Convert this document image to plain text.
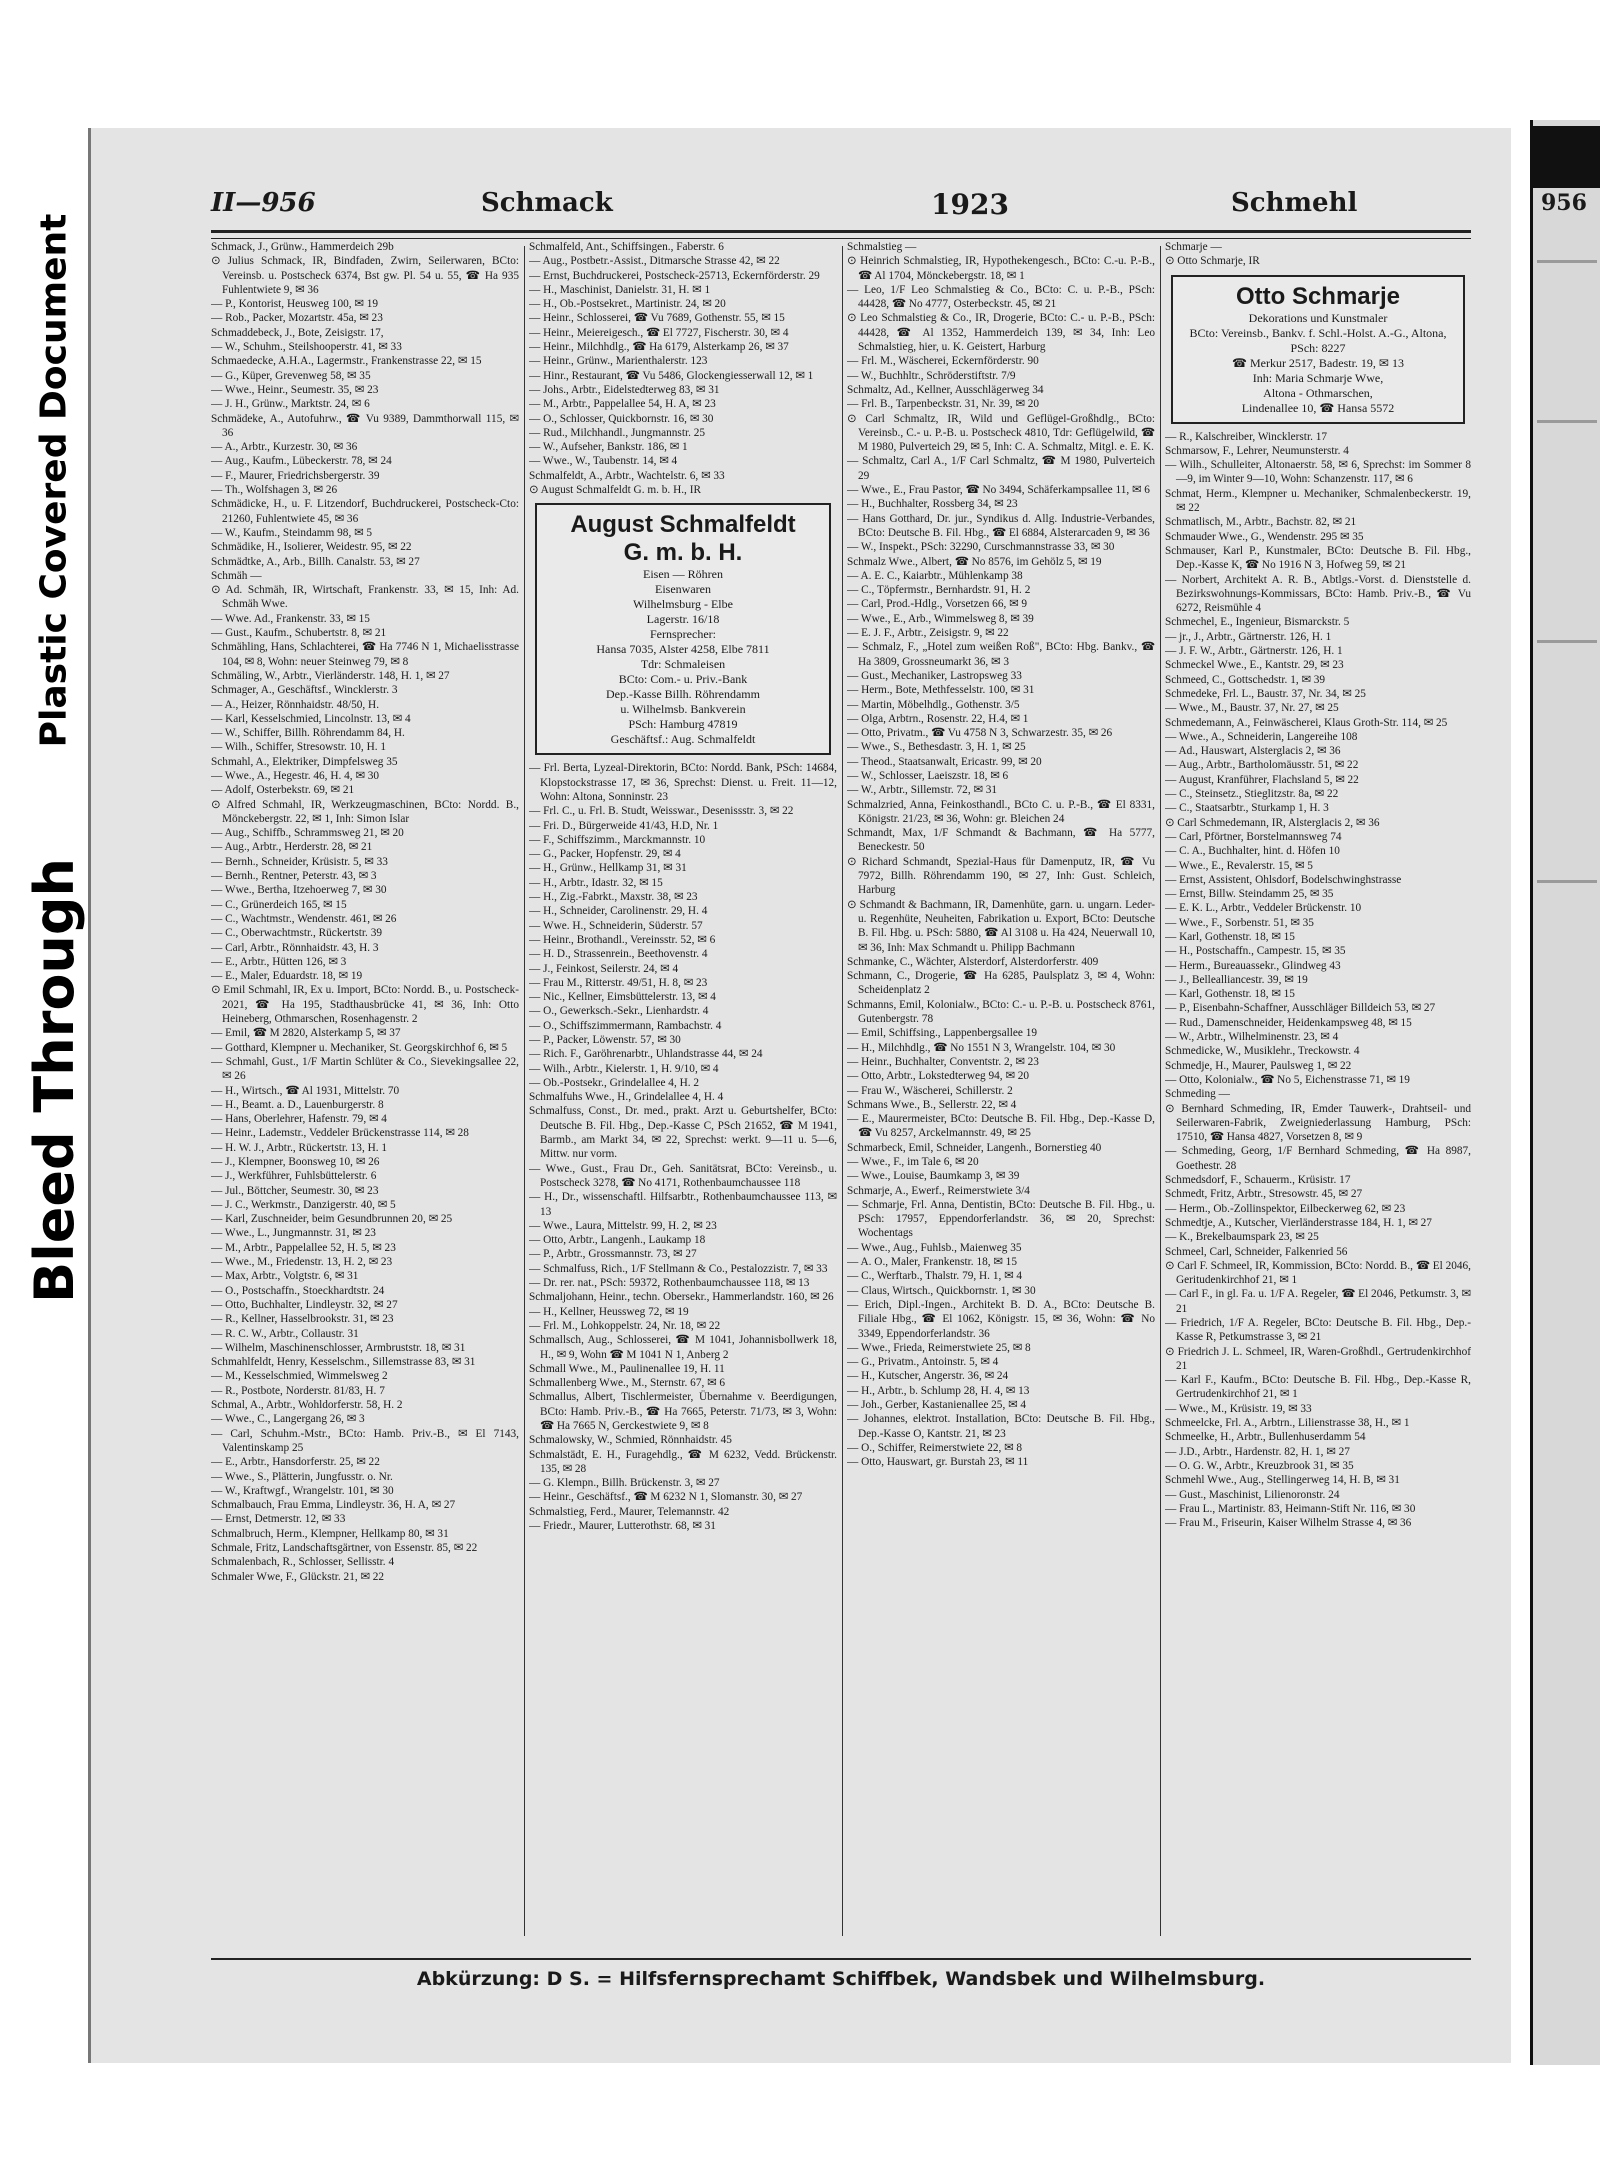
Plastic Covered Document
Bleed Through
956
II—956	Schmack	1923	Schmehl
Schmack, J., Grünw., Hammerdeich 29b
⊙ Julius Schmack, IR, Bindfaden, Zwirn, Seilerwaren, BCto: Vereinsb. u. Postscheck 6374, Bst gw. Pl. 54 u. 55, ☎ Ha 935 Fuhlentwiete 9, ✉ 36
— P., Kontorist, Heusweg 100, ✉ 19
— Rob., Packer, Mozartstr. 45a, ✉ 23
Schmaddebeck, J., Bote, Zeisigstr. 17,
— W., Schuhm., Steilshooperstr. 41, ✉ 33
Schmaedecke, A.H.A., Lagermstr., Frankenstrasse 22, ✉ 15
— G., Küper, Grevenweg 58, ✉ 35
— Wwe., Heinr., Seumestr. 35, ✉ 23
— J. H., Grünw., Marktstr. 24, ✉ 6
Schmädeke, A., Autofuhrw., ☎ Vu 9389, Dammthorwall 115, ✉ 36
— A., Arbtr., Kurzestr. 30, ✉ 36
— Aug., Kaufm., Lübeckerstr. 78, ✉ 24
— F., Maurer, Friedrichsbergerstr. 39
— Th., Wolfshagen 3, ✉ 26
Schmädicke, H., u. F. Litzendorf, Buchdruckerei, Postscheck-Cto: 21260, Fuhlentwiete 45, ✉ 36
— W., Kaufm., Steindamm 98, ✉ 5
Schmädike, H., Isolierer, Weidestr. 95, ✉ 22
Schmädtke, A., Arb., Billh. Canalstr. 53, ✉ 27
Schmäh —
⊙ Ad. Schmäh, IR, Wirtschaft, Frankenstr. 33, ✉ 15, Inh: Ad. Schmäh Wwe.
— Wwe. Ad., Frankenstr. 33, ✉ 15
— Gust., Kaufm., Schubertstr. 8, ✉ 21
Schmähling, Hans, Schlachterei, ☎ Ha 7746 N 1, Michaelisstrasse 104, ✉ 8, Wohn: neuer Steinweg 79, ✉ 8
Schmäling, W., Arbtr., Vierländerstr. 148, H. 1, ✉ 27
Schmager, A., Geschäftsf., Wincklerstr. 3
— A., Heizer, Rönnhaidstr. 48/50, H.
— Karl, Kesselschmied, Lincolnstr. 13, ✉ 4
— W., Schiffer, Billh. Röhrendamm 84, H.
— Wilh., Schiffer, Stresowstr. 10, H. 1
Schmahl, A., Elektriker, Dimpfelsweg 35
— Wwe., A., Hegestr. 46, H. 4, ✉ 30
— Adolf, Osterbekstr. 69, ✉ 21
⊙ Alfred Schmahl, IR, Werkzeugmaschinen, BCto: Nordd. B., Mönckebergstr. 22, ✉ 1, Inh: Simon Islar
— Aug., Schiffb., Schrammsweg 21, ✉ 20
— Aug., Arbtr., Herderstr. 28, ✉ 21
— Bernh., Schneider, Krüsistr. 5, ✉ 33
— Bernh., Rentner, Peterstr. 43, ✉ 3
— Wwe., Bertha, Itzehoerweg 7, ✉ 30
— C., Grünerdeich 165, ✉ 15
— C., Wachtmstr., Wendenstr. 461, ✉ 26
— C., Oberwachtmstr., Rückertstr. 39
— Carl, Arbtr., Rönnhaidstr. 43, H. 3
— E., Arbtr., Hütten 126, ✉ 3
— E., Maler, Eduardstr. 18, ✉ 19
⊙ Emil Schmahl, IR, Ex u. Import, BCto: Nordd. B., u. Postscheck-2021, ☎ Ha 195, Stadthausbrücke 41, ✉ 36, Inh: Otto Heineberg, Othmarschen, Rosenhagenstr. 2
— Emil, ☎ M 2820, Alsterkamp 5, ✉ 37
— Gotthard, Klempner u. Mechaniker, St. Georgskirchhof 6, ✉ 5
— Schmahl, Gust., 1/F Martin Schlüter & Co., Sievekingsallee 22, ✉ 26
— H., Wirtsch., ☎ Al 1931, Mittelstr. 70
— H., Beamt. a. D., Lauenburgerstr. 8
— Hans, Oberlehrer, Hafenstr. 79, ✉ 4
— Heinr., Lademstr., Veddeler Brückenstrasse 114, ✉ 28
— H. W. J., Arbtr., Rückertstr. 13, H. 1
— J., Klempner, Boonsweg 10, ✉ 26
— J., Werkführer, Fuhlsbüttelerstr. 6
— Jul., Böttcher, Seumestr. 30, ✉ 23
— J. C., Werkmstr., Danzigerstr. 40, ✉ 5
— Karl, Zuschneider, beim Gesundbrunnen 20, ✉ 25
— Wwe., L., Jungmannstr. 31, ✉ 23
— M., Arbtr., Pappelallee 52, H. 5, ✉ 23
— Wwe., M., Friedenstr. 13, H. 2, ✉ 23
— Max, Arbtr., Volgtstr. 6, ✉ 31
— O., Postschaffn., Stoeckhardtstr. 24
— Otto, Buchhalter, Lindleystr. 32, ✉ 27
— R., Kellner, Hasselbrookstr. 31, ✉ 23
— R. C. W., Arbtr., Collaustr. 31
— Wilhelm, Maschinenschlosser, Armbruststr. 18, ✉ 31
Schmahlfeldt, Henry, Kesselschm., Sillemstrasse 83, ✉ 31
— M., Kesselschmied, Wimmelsweg 2
— R., Postbote, Norderstr. 81/83, H. 7
Schmal, A., Arbtr., Wohldorferstr. 58, H. 2
— Wwe., C., Langergang 26, ✉ 3
— Carl, Schuhm.-Mstr., BCto: Hamb. Priv.-B., ✉ El 7143, Valentinskamp 25
— E., Arbtr., Hansdorferstr. 25, ✉ 22
— Wwe., S., Plätterin, Jungfusstr. o. Nr.
— W., Kraftwgf., Wrangelstr. 101, ✉ 30
Schmalbauch, Frau Emma, Lindleystr. 36, H. A, ✉ 27
— Ernst, Detmerstr. 12, ✉ 33
Schmalbruch, Herm., Klempner, Hellkamp 80, ✉ 31
Schmale, Fritz, Landschaftsgärtner, von Essenstr. 85, ✉ 22
Schmalenbach, R., Schlosser, Sellisstr. 4
Schmaler Wwe, F., Glückstr. 21, ✉ 22
Schmalfeld, Ant., Schiffsingen., Faberstr. 6
— Aug., Postbetr.-Assist., Ditmarsche Strasse 42, ✉ 22
— Ernst, Buchdruckerei, Postscheck-25713, Eckernförderstr. 29
— H., Maschinist, Danielstr. 31, H. ✉ 1
— H., Ob.-Postsekret., Martinistr. 24, ✉ 20
— Heinr., Schlosserei, ☎ Vu 7689, Gothenstr. 55, ✉ 15
— Heinr., Meiereigesch., ☎ El 7727, Fischerstr. 30, ✉ 4
— Heinr., Milchhdlg., ☎ Ha 6179, Alsterkamp 26, ✉ 37
— Heinr., Grünw., Marienthalerstr. 123
— Hinr., Restaurant, ☎ Vu 5486, Glockengiesserwall 12, ✉ 1
— Johs., Arbtr., Eidelstedterweg 83, ✉ 31
— M., Arbtr., Pappelallee 54, H. A, ✉ 23
— O., Schlosser, Quickbornstr. 16, ✉ 30
— Rud., Milchhandl., Jungmannstr. 25
— W., Aufseher, Bankstr. 186, ✉ 1
— Wwe., W., Taubenstr. 14, ✉ 4
Schmalfeldt, A., Arbtr., Wachtelstr. 6, ✉ 33
⊙ August Schmalfeldt G. m. b. H., IR
August Schmalfeldt
G. m. b. H.
Eisen — Röhren
Eisenwaren
Wilhelmsburg - Elbe
Lagerstr. 16/18
Fernsprecher:
Hansa 7035, Alster 4258, Elbe 7811
Tdr: Schmaleisen
BCto: Com.- u. Priv.-Bank
Dep.-Kasse Billh. Röhrendamm
u. Wilhelmsb. Bankverein
PSch: Hamburg 47819
Geschäftsf.: Aug. Schmalfeldt
— Frl. Berta, Lyzeal-Direktorin, BCto: Nordd. Bank, PSch: 14684, Klopstockstrasse 17, ✉ 36, Sprechst: Dienst. u. Freit. 11—12, Wohn: Altona, Sonninstr. 23
— Frl. C., u. Frl. B. Studt, Weisswar., Desenissstr. 3, ✉ 22
— Fri. D., Bürgerweide 41/43, H.D, Nr. 1
— F., Schiffszimm., Marckmannstr. 10
— G., Packer, Hopfenstr. 29, ✉ 4
— H., Grünw., Hellkamp 31, ✉ 31
— H., Arbtr., Idastr. 32, ✉ 15
— H., Zig.-Fabrkt., Maxstr. 38, ✉ 23
— H., Schneider, Carolinenstr. 29, H. 4
— Wwe. H., Schneiderin, Süderstr. 57
— Heinr., Brothandl., Vereinsstr. 52, ✉ 6
— H. D., Strassenrein., Beethovenstr. 4
— J., Feinkost, Seilerstr. 24, ✉ 4
— Frau M., Ritterstr. 49/51, H. 8, ✉ 23
— Nic., Kellner, Eimsbüttelerstr. 13, ✉ 4
— O., Gewerksch.-Sekr., Lienhardstr. 4
— O., Schiffszimmermann, Rambachstr. 4
— P., Packer, Löwenstr. 57, ✉ 30
— Rich. F., Garöhrenarbtr., Uhlandstrasse 44, ✉ 24
— Wilh., Arbtr., Kielerstr. 1, H. 9/10, ✉ 4
— Ob.-Postsekr., Grindelallee 4, H. 2
Schmalfuhs Wwe., H., Grindelallee 4, H. 4
Schmalfuss, Const., Dr. med., prakt. Arzt u. Geburtshelfer, BCto: Deutsche B. Fil. Hbg., Dep.-Kasse C, PSch 21652, ☎ M 1941, Barmb., am Markt 34, ✉ 22, Sprechst: werkt. 9—11 u. 5—6, Mittw. nur vorm.
— Wwe., Gust., Frau Dr., Geh. Sanitätsrat, BCto: Vereinsb., u. Postscheck 3278, ☎ No 4171, Rothenbaumchaussee 118
— H., Dr., wissenschaftl. Hilfsarbtr., Rothenbaumchaussee 113, ✉ 13
— Wwe., Laura, Mittelstr. 99, H. 2, ✉ 23
— Otto, Arbtr., Langenh., Laukamp 18
— P., Arbtr., Grossmannstr. 73, ✉ 27
— Schmalfuss, Rich., 1/F Stellmann & Co., Pestalozzistr. 7, ✉ 33
— Dr. rer. nat., PSch: 59372, Rothenbaumchaussee 118, ✉ 13
Schmaljohann, Heinr., techn. Obersekr., Hammerlandstr. 160, ✉ 26
— H., Kellner, Heussweg 72, ✉ 19
— Frl. M., Lohkoppelstr. 24, Nr. 18, ✉ 22
Schmallsch, Aug., Schlosserei, ☎ M 1041, Johannisbollwerk 18, H., ✉ 9, Wohn ☎ M 1041 N 1, Anberg 2
Schmall Wwe., M., Paulinenallee 19, H. 11
Schmallenberg Wwe., M., Sternstr. 67, ✉ 6
Schmallus, Albert, Tischlermeister, Übernahme v. Beerdigungen, BCto: Hamb. Priv.-B., ☎ Ha 7665, Peterstr. 71/73, ✉ 3, Wohn: ☎ Ha 7665 N, Gerckestwiete 9, ✉ 8
Schmalowsky, W., Schmied, Rönnhaidstr. 45
Schmalstädt, E. H., Furagehdlg., ☎ M 6232, Vedd. Brückenstr. 135, ✉ 28
— G. Klempn., Billh. Brückenstr. 3, ✉ 27
— Heinr., Geschäftsf., ☎ M 6232 N 1, Slomanstr. 30, ✉ 27
Schmalstieg, Ferd., Maurer, Telemannstr. 42
— Friedr., Maurer, Lutterothstr. 68, ✉ 31
Schmalstieg —
⊙ Heinrich Schmalstieg, IR, Hypothekengesch., BCto: C.-u. P.-B., ☎ Al 1704, Mönckebergstr. 18, ✉ 1
— Leo, 1/F Leo Schmalstieg & Co., BCto: C. u. P.-B., PSch: 44428, ☎ No 4777, Osterbeckstr. 45, ✉ 21
⊙ Leo Schmalstieg & Co., IR, Drogerie, BCto: C.- u. P.-B., PSch: 44428, ☎ Al 1352, Hammerdeich 139, ✉ 34, Inh: Leo Schmalstieg, hier, u. K. Geistert, Harburg
— Frl. M., Wäscherei, Eckernförderstr. 90
— W., Buchhltr., Schröderstiftstr. 7/9
Schmaltz, Ad., Kellner, Ausschlägerweg 34
— Frl. B., Tarpenbeckstr. 31, Nr. 39, ✉ 20
⊙ Carl Schmaltz, IR, Wild und Geflügel-Großhdlg., BCto: Vereinsb., C.- u. P.-B. u. Postscheck 4810, Tdr: Geflügelwild, ☎ M 1980, Pulverteich 29, ✉ 5, Inh: C. A. Schmaltz, Mitgl. e. E. K.
— Schmaltz, Carl A., 1/F Carl Schmaltz, ☎ M 1980, Pulverteich 29
— Wwe., E., Frau Pastor, ☎ No 3494, Schäferkampsallee 11, ✉ 6
— H., Buchhalter, Rossberg 34, ✉ 23
— Hans Gotthard, Dr. jur., Syndikus d. Allg. Industrie-Verbandes, BCto: Deutsche B. Fil. Hbg., ☎ El 6884, Alsterarcaden 9, ✉ 36
— W., Inspekt., PSch: 32290, Curschmannstrasse 33, ✉ 30
Schmalz Wwe., Albert, ☎ No 8576, im Gehölz 5, ✉ 19
— A. E. C., Kaiarbtr., Mühlenkamp 38
— C., Töpfermstr., Bernhardstr. 91, H. 2
— Carl, Prod.-Hdlg., Vorsetzen 66, ✉ 9
— Wwe., E., Arb., Wimmelsweg 8, ✉ 39
— E. J. F., Arbtr., Zeisigstr. 9, ✉ 22
— Schmalz, F., „Hotel zum weißen Roß", BCto: Hbg. Bankv., ☎ Ha 3809, Grossneumarkt 36, ✉ 3
— Gust., Mechaniker, Lastropsweg 33
— Herm., Bote, Methfesselstr. 100, ✉ 31
— Martin, Möbelhdlg., Gothenstr. 3/5
— Olga, Arbtrn., Rosenstr. 22, H.4, ✉ 1
— Otto, Privatm., ☎ Vu 4758 N 3, Schwarzestr. 35, ✉ 26
— Wwe., S., Bethesdastr. 3, H. 1, ✉ 25
— Theod., Staatsanwalt, Ericastr. 99, ✉ 20
— W., Schlosser, Laeiszstr. 18, ✉ 6
— W., Arbtr., Sillemstr. 72, ✉ 31
Schmalzried, Anna, Feinkosthandl., BCto C. u. P.-B., ☎ El 8331, Königstr. 21/23, ✉ 36, Wohn: gr. Bleichen 24
Schmandt, Max, 1/F Schmandt & Bachmann, ☎ Ha 5777, Beneckestr. 50
⊙ Richard Schmandt, Spezial-Haus für Damenputz, IR, ☎ Vu 7972, Billh. Röhrendamm 190, ✉ 27, Inh: Gust. Schleich, Harburg
⊙ Schmandt & Bachmann, IR, Damenhüte, garn. u. ungarn. Leder- u. Regenhüte, Neuheiten, Fabrikation u. Export, BCto: Deutsche B. Fil. Hbg. u. PSch: 5880, ☎ Al 3108 u. Ha 424, Neuerwall 10, ✉ 36, Inh: Max Schmandt u. Philipp Bachmann
Schmanke, C., Wächter, Alsterdorf, Alsterdorferstr. 409
Schmann, C., Drogerie, ☎ Ha 6285, Paulsplatz 3, ✉ 4, Wohn: Scheidenplatz 2
Schmanns, Emil, Kolonialw., BCto: C.- u. P.-B. u. Postscheck 8761, Gutenbergstr. 78
— Emil, Schiffsing., Lappenbergsallee 19
— H., Milchhdlg., ☎ No 1551 N 3, Wrangelstr. 104, ✉ 30
— Heinr., Buchhalter, Conventstr. 2, ✉ 23
— Otto, Arbtr., Lokstedterweg 94, ✉ 20
— Frau W., Wäscherei, Schillerstr. 2
Schmans Wwe., B., Sellerstr. 22, ✉ 4
— E., Maurermeister, BCto: Deutsche B. Fil. Hbg., Dep.-Kasse D, ☎ Vu 8257, Arckelmannstr. 49, ✉ 25
Schmarbeck, Emil, Schneider, Langenh., Bornerstieg 40
— Wwe., F., im Tale 6, ✉ 20
— Wwe., Louise, Baumkamp 3, ✉ 39
Schmarje, A., Ewerf., Reimerstwiete 3/4
— Schmarje, Frl. Anna, Dentistin, BCto: Deutsche B. Fil. Hbg., u. PSch: 17957, Eppendorferlandstr. 36, ✉ 20, Sprechst: Wochentags
— Wwe., Aug., Fuhlsb., Maienweg 35
— A. O., Maler, Frankenstr. 18, ✉ 15
— C., Werftarb., Thalstr. 79, H. 1, ✉ 4
— Claus, Wirtsch., Quickbornstr. 1, ✉ 30
— Erich, Dipl.-Ingen., Architekt B. D. A., BCto: Deutsche B. Filiale Hbg., ☎ El 1062, Königstr. 15, ✉ 36, Wohn: ☎ No 3349, Eppendorferlandstr. 36
— Wwe., Frieda, Reimerstwiete 25, ✉ 8
— G., Privatm., Antoinstr. 5, ✉ 4
— H., Kutscher, Angerstr. 36, ✉ 24
— H., Arbtr., b. Schlump 28, H. 4, ✉ 13
— Joh., Gerber, Kastanienallee 25, ✉ 4
— Johannes, elektrot. Installation, BCto: Deutsche B. Fil. Hbg., Dep.-Kasse O, Kantstr. 21, ✉ 23
— O., Schiffer, Reimerstwiete 22, ✉ 8
— Otto, Hauswart, gr. Burstah 23, ✉ 11
Schmarje —
⊙ Otto Schmarje, IR
Otto Schmarje
Dekorations und Kunstmaler
BCto: Vereinsb., Bankv. f. Schl.-Holst. A.-G., Altona, PSch: 8227
☎ Merkur 2517, Badestr. 19, ✉ 13
Inh: Maria Schmarje Wwe,
Altona - Othmarschen,
Lindenallee 10, ☎ Hansa 5572
— R., Kalschreiber, Wincklerstr. 17
Schmarsow, F., Lehrer, Neumunsterstr. 4
— Wilh., Schulleiter, Altonaerstr. 58, ✉ 6, Sprechst: im Sommer 8—9, im Winter 9—10, Wohn: Schanzenstr. 117, ✉ 6
Schmat, Herm., Klempner u. Mechaniker, Schmalenbeckerstr. 19, ✉ 22
Schmatlisch, M., Arbtr., Bachstr. 82, ✉ 21
Schmauder Wwe., G., Wendenstr. 295 ✉ 35
Schmauser, Karl P., Kunstmaler, BCto: Deutsche B. Fil. Hbg., Dep.-Kasse K, ☎ No 1916 N 3, Hofweg 59, ✉ 21
— Norbert, Architekt A. R. B., Abtlgs.-Vorst. d. Dienststelle d. Bezirkswohnungs-Kommissars, BCto: Hamb. Priv.-B., ☎ Vu 6272, Reismühle 4
Schmechel, E., Ingenieur, Bismarckstr. 5
— jr., J., Arbtr., Gärtnerstr. 126, H. 1
— J. F. W., Arbtr., Gärtnerstr. 126, H. 1
Schmeckel Wwe., E., Kantstr. 29, ✉ 23
Schmeed, C., Gottschedstr. 1, ✉ 39
Schmedeke, Frl. L., Baustr. 37, Nr. 34, ✉ 25
— Wwe., M., Baustr. 37, Nr. 27, ✉ 25
Schmedemann, A., Feinwäscherei, Klaus Groth-Str. 114, ✉ 25
— Wwe., A., Schneiderin, Langereihe 108
— Ad., Hauswart, Alsterglacis 2, ✉ 36
— Aug., Arbtr., Bartholomäusstr. 51, ✉ 22
— August, Kranführer, Flachsland 5, ✉ 22
— C., Steinsetz., Stieglitzstr. 8a, ✉ 22
— C., Staatsarbtr., Sturkamp 1, H. 3
⊙ Carl Schmedemann, IR, Alsterglacis 2, ✉ 36
— Carl, Pförtner, Borstelmannsweg 74
— C. A., Buchhalter, hint. d. Höfen 10
— Wwe., E., Revalerstr. 15, ✉ 5
— Ernst, Assistent, Ohlsdorf, Bodelschwinghstrasse
— Ernst, Billw. Steindamm 25, ✉ 35
— E. K. L., Arbtr., Veddeler Brückenstr. 10
— Wwe., F., Sorbenstr. 51, ✉ 35
— Karl, Gothenstr. 18, ✉ 15
— H., Postschaffn., Campestr. 15, ✉ 35
— Herm., Bureauassekr., Glindweg 43
— J., Bellealliancestr. 39, ✉ 19
— Karl, Gothenstr. 18, ✉ 15
— P., Eisenbahn-Schaffner, Ausschläger Billdeich 53, ✉ 27
— Rud., Damenschneider, Heidenkampsweg 48, ✉ 15
— W., Arbtr., Wilhelminenstr. 23, ✉ 4
Schmedicke, W., Musiklehr., Treckowstr. 4
Schmedje, H., Maurer, Paulsweg 1, ✉ 22
— Otto, Kolonialw., ☎ No 5, Eichenstrasse 71, ✉ 19
Schmeding —
⊙ Bernhard Schmeding, IR, Emder Tauwerk-, Drahtseil- und Seilerwaren-Fabrik, Zweigniederlassung Hamburg, PSch: 17510, ☎ Hansa 4827, Vorsetzen 8, ✉ 9
— Schmeding, Georg, 1/F Bernhard Schmeding, ☎ Ha 8987, Goethestr. 28
Schmedsdorf, F., Schauerm., Krüsistr. 17
Schmedt, Fritz, Arbtr., Stresowstr. 45, ✉ 27
— Herm., Ob.-Zollinspektor, Eilbeckerweg 62, ✉ 23
Schmedtje, A., Kutscher, Vierländerstrasse 184, H. 1, ✉ 27
— K., Brekelbaumspark 23, ✉ 25
Schmeel, Carl, Schneider, Falkenried 56
⊙ Carl F. Schmeel, IR, Kommission, BCto: Nordd. B., ☎ El 2046, Geritudenkirchhof 21, ✉ 1
— Carl F., in gl. Fa. u. 1/F A. Regeler, ☎ El 2046, Petkumstr. 3, ✉ 21
— Friedrich, 1/F A. Regeler, BCto: Deutsche B. Fil. Hbg., Dep.-Kasse R, Petkumstrasse 3, ✉ 21
⊙ Friedrich J. L. Schmeel, IR, Waren-Großhdl., Gertrudenkirchhof 21
— Karl F., Kaufm., BCto: Deutsche B. Fil. Hbg., Dep.-Kasse R, Gertrudenkirchhof 21, ✉ 1
— Wwe., M., Krüsistr. 19, ✉ 33
Schmeelcke, Frl. A., Arbtrn., Lilienstrasse 38, H., ✉ 1
Schmeelke, H., Arbtr., Bullenhuserdamm 54
— J.D., Arbtr., Hardenstr. 82, H. 1, ✉ 27
— O. G. W., Arbtr., Kreuzbrook 31, ✉ 35
Schmehl Wwe., Aug., Stellingerweg 14, H. B, ✉ 31
— Gust., Maschinist, Lilienoronstr. 24
— Frau L., Martinistr. 83, Heimann-Stift Nr. 116, ✉ 30
— Frau M., Friseurin, Kaiser Wilhelm Strasse 4, ✉ 36
Abkürzung: D S. = Hilfsfernsprechamt Schiffbek, Wandsbek und Wilhelmsburg.
